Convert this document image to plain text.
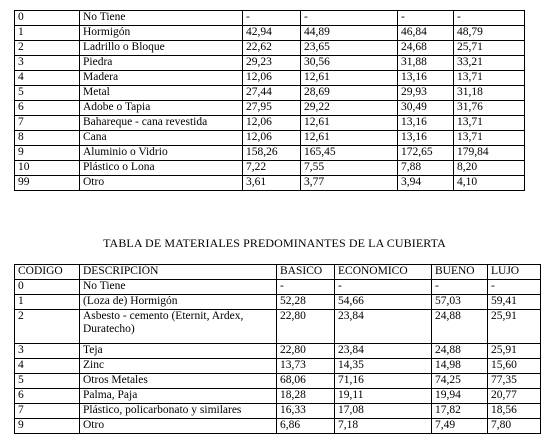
0	No Tiene	-	-	-	-
1	Hormigón	42,94	44,89	46,84	48,79
2	Ladrillo o Bloque	22,62	23,65	24,68	25,71
3	Piedra	29,23	30,56	31,88	33,21
4	Madera	12,06	12,61	13,16	13,71
5	Metal	27,44	28,69	29,93	31,18
6	Adobe o Tapia	27,95	29,22	30,49	31,76
7	Bahareque - cana revestida	12,06	12,61	13,16	13,71
8	Cana	12,06	12,61	13,16	13,71
9	Aluminio o Vidrio	158,26	165,45	172,65	179,84
10	Plástico o Lona	7,22	7,55	7,88	8,20
99	Otro	3,61	3,77	3,94	4,10
TABLA DE MATERIALES PREDOMINANTES DE LA CUBIERTA
CODIGO	DESCRIPCIÓN	BASICO	ECONOMICO	BUENO	LUJO
0	No Tiene	-	-	-	-
1	(Loza de) Hormigón	52,28	54,66	57,03	59,41
2	Asbesto - cemento (Eternit, Ardex, Duratecho)	22,80	23,84	24,88	25,91
3	Teja	22,80	23,84	24,88	25,91
4	Zinc	13,73	14,35	14,98	15,60
5	Otros Metales	68,06	71,16	74,25	77,35
6	Palma, Paja	18,28	19,11	19,94	20,77
7	Plástico, policarbonato y similares	16,33	17,08	17,82	18,56
9	Otro	6,86	7,18	7,49	7,80
